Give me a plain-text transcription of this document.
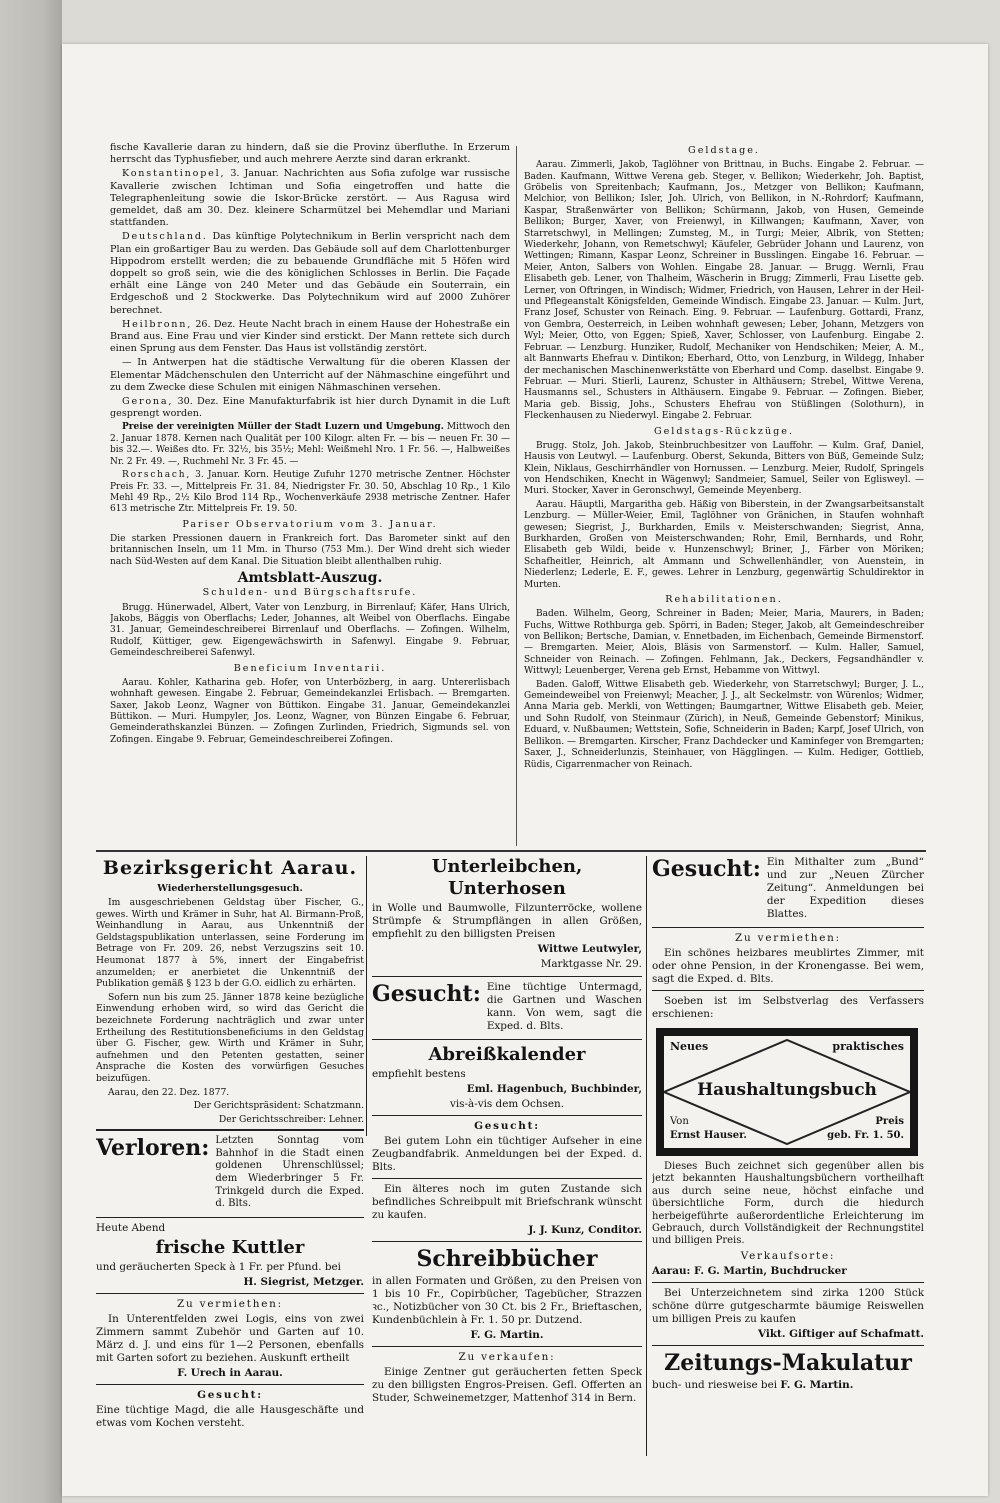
fische Kavallerie daran zu hindern, daß sie die Provinz überfluthe. In Erzerum herrscht das Typhusfieber, und auch mehrere Aerzte sind daran erkrankt.

Konstantinopel, 3. Januar. Nachrichten aus Sofia zufolge war russische Kavallerie zwischen Ichtiman und Sofia eingetroffen und hatte die Telegraphenleitung sowie die Iskor-Brücke zerstört. — Aus Ragusa wird gemeldet, daß am 30. Dez. kleinere Scharmützel bei Mehemdlar und Mariani stattfanden.

Deutschland. Das künftige Polytechnikum in Berlin verspricht nach dem Plan ein großartiger Bau zu werden. Das Gebäude soll auf dem Charlottenburger Hippodrom erstellt werden; die zu bebauende Grundfläche mit 5 Höfen wird doppelt so groß sein, wie die des königlichen Schlosses in Berlin. Die Façade erhält eine Länge von 240 Meter und das Gebäude ein Souterrain, ein Erdgeschoß und 2 Stockwerke. Das Polytechnikum wird auf 2000 Zuhörer berechnet.

Heilbronn, 26. Dez. Heute Nacht brach in einem Hause der Hohestraße ein Brand aus. Eine Frau und vier Kinder sind erstickt. Der Mann rettete sich durch einen Sprung aus dem Fenster. Das Haus ist vollständig zerstört.

— In Antwerpen hat die städtische Verwaltung für die oberen Klassen der Elementar Mädchenschulen den Unterricht auf der Nähmaschine eingeführt und zu dem Zwecke diese Schulen mit einigen Nähmaschinen versehen.

Gerona, 30. Dez. Eine Manufakturfabrik ist hier durch Dynamit in die Luft gesprengt worden.

Preise der vereinigten Müller der Stadt Luzern und Umgebung. Mittwoch den 2. Januar 1878. Kernen nach Qualität per 100 Kilogr. alten Fr. — bis — neuen Fr. 30 — bis 32.—. Weißes dto. Fr. 32½, bis 35½; Mehl: Weißmehl Nro. 1 Fr. 56. —, Halbweißes Nr. 2 Fr. 49. —, Ruchmehl Nr. 3 Fr. 45. —

Rorschach, 3. Januar. Korn. Heutige Zufuhr 1270 metrische Zentner. Höchster Preis Fr. 33. —, Mittelpreis Fr. 31. 84, Niedrigster Fr. 30. 50, Abschlag 10 Rp., 1 Kilo Mehl 49 Rp., 2½ Kilo Brod 114 Rp., Wochenverkäufe 2938 metrische Zentner. Hafer 613 metrische Ztr. Mittelpreis Fr. 19. 50.

Pariser Observatorium vom 3. Januar.

Die starken Pressionen dauern in Frankreich fort. Das Barometer sinkt auf den britannischen Inseln, um 11 Mm. in Thurso (753 Mm.). Der Wind dreht sich wieder nach Süd-Westen auf dem Kanal. Die Situation bleibt allenthalben ruhig.

Amtsblatt-Auszug.

Schulden- und Bürgschaftsrufe.

Brugg. Hünerwadel, Albert, Vater von Lenzburg, in Birrenlauf; Käfer, Hans Ulrich, Jakobs, Bäggis von Oberflachs; Leder, Johannes, alt Weibel von Oberflachs. Eingabe 31. Januar, Gemeindeschreiberei Birrenlauf und Oberflachs. — Zofingen. Wilhelm, Rudolf, Küttiger, gew. Eigengewächswirth in Safenwyl. Eingabe 9. Februar, Gemeindeschreiberei Safenwyl.

Beneficium Inventarii.

Aarau. Kohler, Katharina geb. Hofer, von Unterbözberg, in aarg. Untererlisbach wohnhaft gewesen. Eingabe 2. Februar, Gemeindekanzlei Erlisbach. — Bremgarten. Saxer, Jakob Leonz, Wagner von Büttikon. Eingabe 31. Januar, Gemeindekanzlei Büttikon. — Muri. Humpyler, Jos. Leonz, Wagner, von Bünzen Eingabe 6. Februar, Gemeinderathskanzlei Bünzen. — Zofingen Zurlinden, Friedrich, Sigmunds sel. von Zofingen. Eingabe 9. Februar, Gemeindeschreiberei Zofingen.

Geldstage.

Aarau. Zimmerli, Jakob, Taglöhner von Brittnau, in Buchs. Eingabe 2. Februar. — Baden. Kaufmann, Wittwe Verena geb. Steger, v. Bellikon; Wiederkehr, Joh. Baptist, Gröbelis von Spreitenbach; Kaufmann, Jos., Metzger von Bellikon; Kaufmann, Melchior, von Bellikon; Isler, Joh. Ulrich, von Bellikon, in N.-Rohrdorf; Kaufmann, Kaspar, Straßenwärter von Bellikon; Schürmann, Jakob, von Husen, Gemeinde Bellikon; Burger, Xaver, von Freienwyl, in Killwangen; Kaufmann, Xaver, von Starretschwyl, in Mellingen; Zumsteg, M., in Turgi; Meier, Albrik, von Stetten; Wiederkehr, Johann, von Remetschwyl; Käufeler, Gebrüder Johann und Laurenz, von Wettingen; Rimann, Kaspar Leonz, Schreiner in Busslingen. Eingabe 16. Februar. — Meier, Anton, Salbers von Wohlen. Eingabe 28. Januar. — Brugg. Wernli, Frau Elisabeth geb. Lener, von Thalheim, Wäscherin in Brugg; Zimmerli, Frau Lisette geb. Lerner, von Oftringen, in Windisch; Widmer, Friedrich, von Hausen, Lehrer in der Heil- und Pflegeanstalt Königsfelden, Gemeinde Windisch. Eingabe 23. Januar. — Kulm. Jurt, Franz Josef, Schuster von Reinach. Eing. 9. Februar. — Laufenburg. Gottardi, Franz, von Gembra, Oesterreich, in Leiben wohnhaft gewesen; Leber, Johann, Metzgers von Wyl; Meier, Otto, von Eggen; Spieß, Xaver, Schlosser, von Laufenburg. Eingabe 2. Februar. — Lenzburg. Hunziker, Rudolf, Mechaniker von Hendschiken; Meier, A. M., alt Bannwarts Ehefrau v. Dintikon; Eberhard, Otto, von Lenzburg, in Wildegg, Inhaber der mechanischen Maschinenwerkstätte von Eberhard und Comp. daselbst. Eingabe 9. Februar. — Muri. Stierli, Laurenz, Schuster in Althäusern; Strebel, Wittwe Verena, Hausmanns sel., Schusters in Althäusern. Eingabe 9. Februar. — Zofingen. Bieber, Maria geb. Bissig, Johs., Schusters Ehefrau von Stüßlingen (Solothurn), in Fleckenhausen zu Niederwyl. Eingabe 2. Februar.

Geldstags-Rückzüge.

Brugg. Stolz, Joh. Jakob, Steinbruchbesitzer von Lauffohr. — Kulm. Graf, Daniel, Hausis von Leutwyl. — Laufenburg. Oberst, Sekunda, Bitters von Büß, Gemeinde Sulz; Klein, Niklaus, Geschirrhändler von Hornussen. — Lenzburg. Meier, Rudolf, Springels von Hendschiken, Knecht in Wägenwyl; Sandmeier, Samuel, Seiler von Eglisweyl. — Muri. Stocker, Xaver in Geronschwyl, Gemeinde Meyenberg.

Aarau. Häuptli, Margaritha geb. Häßig von Biberstein, in der Zwangsarbeitsanstalt Lenzburg. — Müller-Weier, Emil, Taglöhner von Gränichen, in Staufen wohnhaft gewesen; Siegrist, J., Burkharden, Emils v. Meisterschwanden; Siegrist, Anna, Burkharden, Großen von Meisterschwanden; Rohr, Emil, Bernhards, und Rohr, Elisabeth geb Wildi, beide v. Hunzenschwyl; Briner, J., Färber von Möriken; Schafheitler, Heinrich, alt Ammann und Schwellenhändler, von Auenstein, in Niederlenz; Lederle, E. F., gewes. Lehrer in Lenzburg, gegenwärtig Schuldirektor in Murten.

Rehabilitationen.

Baden. Wilhelm, Georg, Schreiner in Baden; Meier, Maria, Maurers, in Baden; Fuchs, Wittwe Rothburga geb. Spörri, in Baden; Steger, Jakob, alt Gemeindeschreiber von Bellikon; Bertsche, Damian, v. Ennetbaden, im Eichenbach, Gemeinde Birmenstorf. — Bremgarten. Meier, Alois, Bläsis von Sarmenstorf. — Kulm. Haller, Samuel, Schneider von Reinach. — Zofingen. Fehlmann, Jak., Deckers, Fegsandhändler v. Wittwyl; Leuenberger, Verena geb Ernst, Hebamme von Wittwyl.

Baden. Galoff, Wittwe Elisabeth geb. Wiederkehr, von Starretschwyl; Burger, J. L., Gemeindeweibel von Freienwyl; Meacher, J. J., alt Seckelmstr. von Würenlos; Widmer, Anna Maria geb. Merkli, von Wettingen; Baumgartner, Wittwe Elisabeth geb. Meier, und Sohn Rudolf, von Steinmaur (Zürich), in Neuß, Gemeinde Gebenstorf; Minikus, Eduard, v. Nußbaumen; Wettstein, Sofie, Schneiderin in Baden; Karpf, Josef Ulrich, von Bellikon. — Bremgarten. Kirscher, Franz Dachdecker und Kaminfeger von Bremgarten; Saxer, J., Schneiderlunzis, Steinhauer, von Hägglingen. — Kulm. Hediger, Gottlieb, Rüdis, Cigarrenmacher von Reinach.

Bezirksgericht Aarau.

Wiederherstellungsgesuch.

Im ausgeschriebenen Geldstag über Fischer, G., gewes. Wirth und Krämer in Suhr, hat Al. Birmann-Proß, Weinhandlung in Aarau, aus Unkenntniß der Geldstagspublikation unterlassen, seine Forderung im Betrage von Fr. 209. 26, nebst Verzugszins seit 10. Heumonat 1877 à 5%, innert der Eingabefrist anzumelden; er anerbietet die Unkenntniß der Publikation gemäß § 123 b der G.O. eidlich zu erhärten.

Sofern nun bis zum 25. Jänner 1878 keine bezügliche Einwendung erhoben wird, so wird das Gericht die bezeichnete Forderung nachträglich und zwar unter Ertheilung des Restitutionsbeneficiums in den Geldstag über G. Fischer, gew. Wirth und Krämer in Suhr, aufnehmen und den Petenten gestatten, seiner Ansprache die Kosten des vorwürfigen Gesuches beizufügen.

Aarau, den 22. Dez. 1877.

Der Gerichtspräsident: Schatzmann.

Der Gerichtsschreiber: Lehner.

Verloren: Letzten Sonntag vom Bahnhof in die Stadt einen goldenen Uhrenschlüssel; dem Wiederbringer 5 Fr. Trinkgeld durch die Exped. d. Blts.

Heute Abend

frische Kuttler

und geräucherten Speck à 1 Fr. per Pfund. bei

H. Siegrist, Metzger.

Zu vermiethen:

In Unterentfelden zwei Logis, eins von zwei Zimmern sammt Zubehör und Garten auf 10. März d. J. und eins für 1—2 Personen, ebenfalls mit Garten sofort zu beziehen. Auskunft ertheilt

F. Urech in Aarau.

Gesucht:

Eine tüchtige Magd, die alle Hausgeschäfte und etwas vom Kochen versteht.

Unterleibchen, Unterhosen

in Wolle und Baumwolle, Filzunterröcke, wollene Strümpfe & Strumpflängen in allen Größen, empfiehlt zu den billigsten Preisen

Wittwe Leutwyler,

Marktgasse Nr. 29.

Gesucht: Eine tüchtige Untermagd, die Gartnen und Waschen kann. Von wem, sagt die Exped. d. Blts.

Abreißkalender

empfiehlt bestens

Eml. Hagenbuch, Buchbinder,

vis-à-vis dem Ochsen.

Gesucht:

Bei gutem Lohn ein tüchtiger Aufseher in eine Zeugbandfabrik. Anmeldungen bei der Exped. d. Blts.

Ein älteres noch im guten Zustande sich befindliches Schreibpult mit Briefschrank wünscht zu kaufen.

J. J. Kunz, Conditor.

Schreibbücher

in allen Formaten und Größen, zu den Preisen von 1 bis 10 Fr., Copirbücher, Tagebücher, Strazzen ꝛc., Notizbücher von 30 Ct. bis 2 Fr., Brieftaschen, Kundenbüchlein à Fr. 1. 50 pr. Dutzend.

F. G. Martin.

Zu verkaufen:

Einige Zentner gut geräucherten fetten Speck zu den billigsten Engros-Preisen. Gefl. Offerten an Studer, Schweinemetzger, Mattenhof 314 in Bern.

Gesucht: Ein Mithalter zum „Bund“ und zur „Neuen Zürcher Zeitung“. Anmeldungen bei der Expedition dieses Blattes.

Zu vermiethen:

Ein schönes heizbares meublirtes Zimmer, mit oder ohne Pension, in der Kronengasse. Bei wem, sagt die Exped. d. Blts.

Soeben ist im Selbstverlag des Verfassers erschienen:

Dieses Buch zeichnet sich gegenüber allen bis jetzt bekannten Haushaltungsbüchern vortheilhaft aus durch seine neue, höchst einfache und übersichtliche Form, durch die hiedurch herbeigeführte außerordentliche Erleichterung im Gebrauch, durch Vollständigkeit der Rechnungstitel und billigen Preis.

Verkaufsorte:

Aarau: F. G. Martin, Buchdrucker

Bei Unterzeichnetem sind zirka 1200 Stück schöne dürre gutgescharmte bäumige Reiswellen um billigen Preis zu kaufen

Vikt. Giftiger auf Schafmatt.

Zeitungs-Makulatur

buch- und riesweise bei F. G. Martin.

Neues	praktisches
Haushaltungsbuch
Von
Ernst Hauser.
Preis
geb. Fr. 1. 50.
